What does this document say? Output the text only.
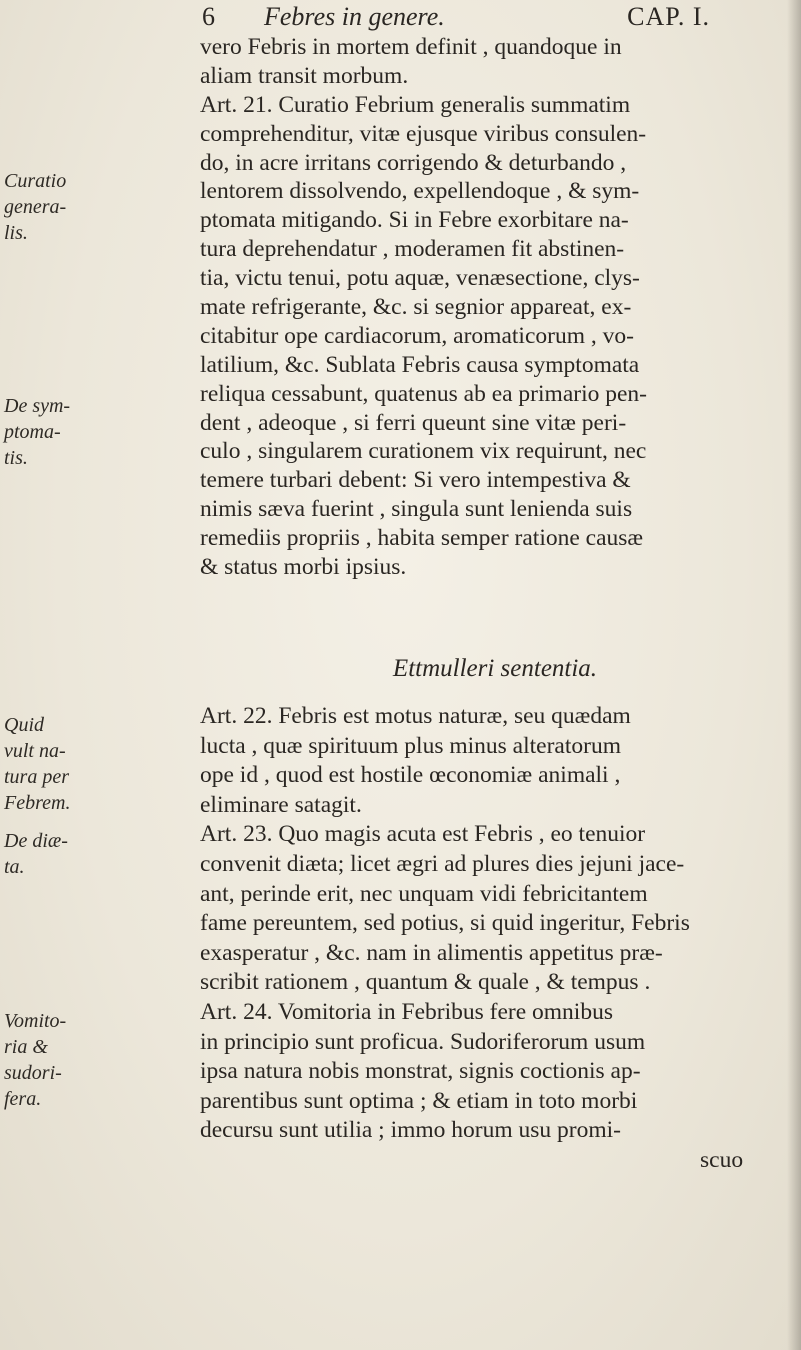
6 Febres in genere.	CAP. I.
Curatio
genera-
lis.
De sym-
ptoma-
tis.
Quid
vult na-
tura per
Febrem.
De diæ-
ta.
Vomito-
ria &
sudori-
fera.
vero Febris in mortem definit , quandoque in
aliam transit morbum.
Art. 21. Curatio Febrium generalis summatim
comprehenditur, vitæ ejusque viribus consulen-
do, in acre irritans corrigendo & deturbando ,
lentorem dissolvendo, expellendoque , & sym-
ptomata mitigando. Si in Febre exorbitare na-
tura deprehendatur , moderamen fit abstinen-
tia, victu tenui, potu aquæ, venæsectione, clys-
mate refrigerante, &c. si segnior appareat, ex-
citabitur ope cardiacorum, aromaticorum , vo-
latilium, &c. Sublata Febris causa symptomata
reliqua cessabunt, quatenus ab ea primario pen-
dent , adeoque , si ferri queunt sine vitæ peri-
culo , singularem curationem vix requirunt, nec
temere turbari debent: Si vero intempestiva &
nimis sæva fuerint , singula sunt lenienda suis
remediis propriis , habita semper ratione causæ
& status morbi ipsius.
Ettmulleri sententia.
Art. 22. Febris est motus naturæ, seu quædam
lucta , quæ spirituum plus minus alteratorum
ope id , quod est hostile œconomiæ animali ,
eliminare satagit.
Art. 23. Quo magis acuta est Febris , eo tenuior
convenit diæta; licet ægri ad plures dies jejuni jace-
ant, perinde erit, nec unquam vidi febricitantem
fame pereuntem, sed potius, si quid ingeritur, Febris
exasperatur , &c. nam in alimentis appetitus præ-
scribit rationem , quantum & quale , & tempus .
Art. 24. Vomitoria in Febribus fere omnibus
in principio sunt proficua. Sudoriferorum usum
ipsa natura nobis monstrat, signis coctionis ap-
parentibus sunt optima ; & etiam in toto morbi
decursu sunt utilia ; immo horum usu promi-
scuo
